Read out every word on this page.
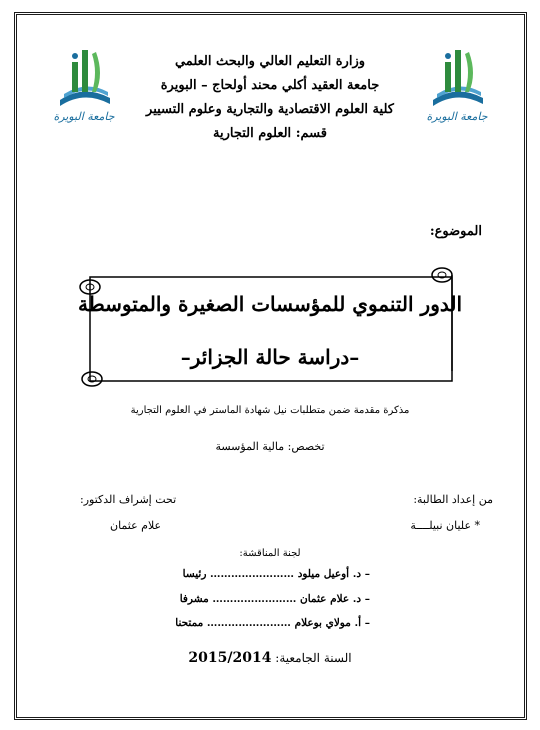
جامعة البويرة	جامعة البويرة
وزارة التعليم العالي والبحث العلمي
جامعة العقيد أكلي محند أولحاج – البويرة
كلية العلوم الاقتصادية والتجارية وعلوم التسيير
قسم: العلوم التجارية
الموضوع:
الدور التنموي للمؤسسات الصغيرة والمتوسطة
–دراسة حالة الجزائر–
مذكرة مقدمة ضمن متطلبات نيل شهادة الماستر في العلوم التجارية
تخصص: مالية المؤسسة
من إعداد الطالبة:
* عليان نبيلــــة
تحت إشراف الدكتور:
علام عثمان
لجنة المناقشة:
– د. أوعيل ميلود …………………… رئيسا
– د. علام عثمان …………………… مشرفا
– أ. مولاي بوعلام …………………… ممتحنا
السنة الجامعية: 2015/2014
